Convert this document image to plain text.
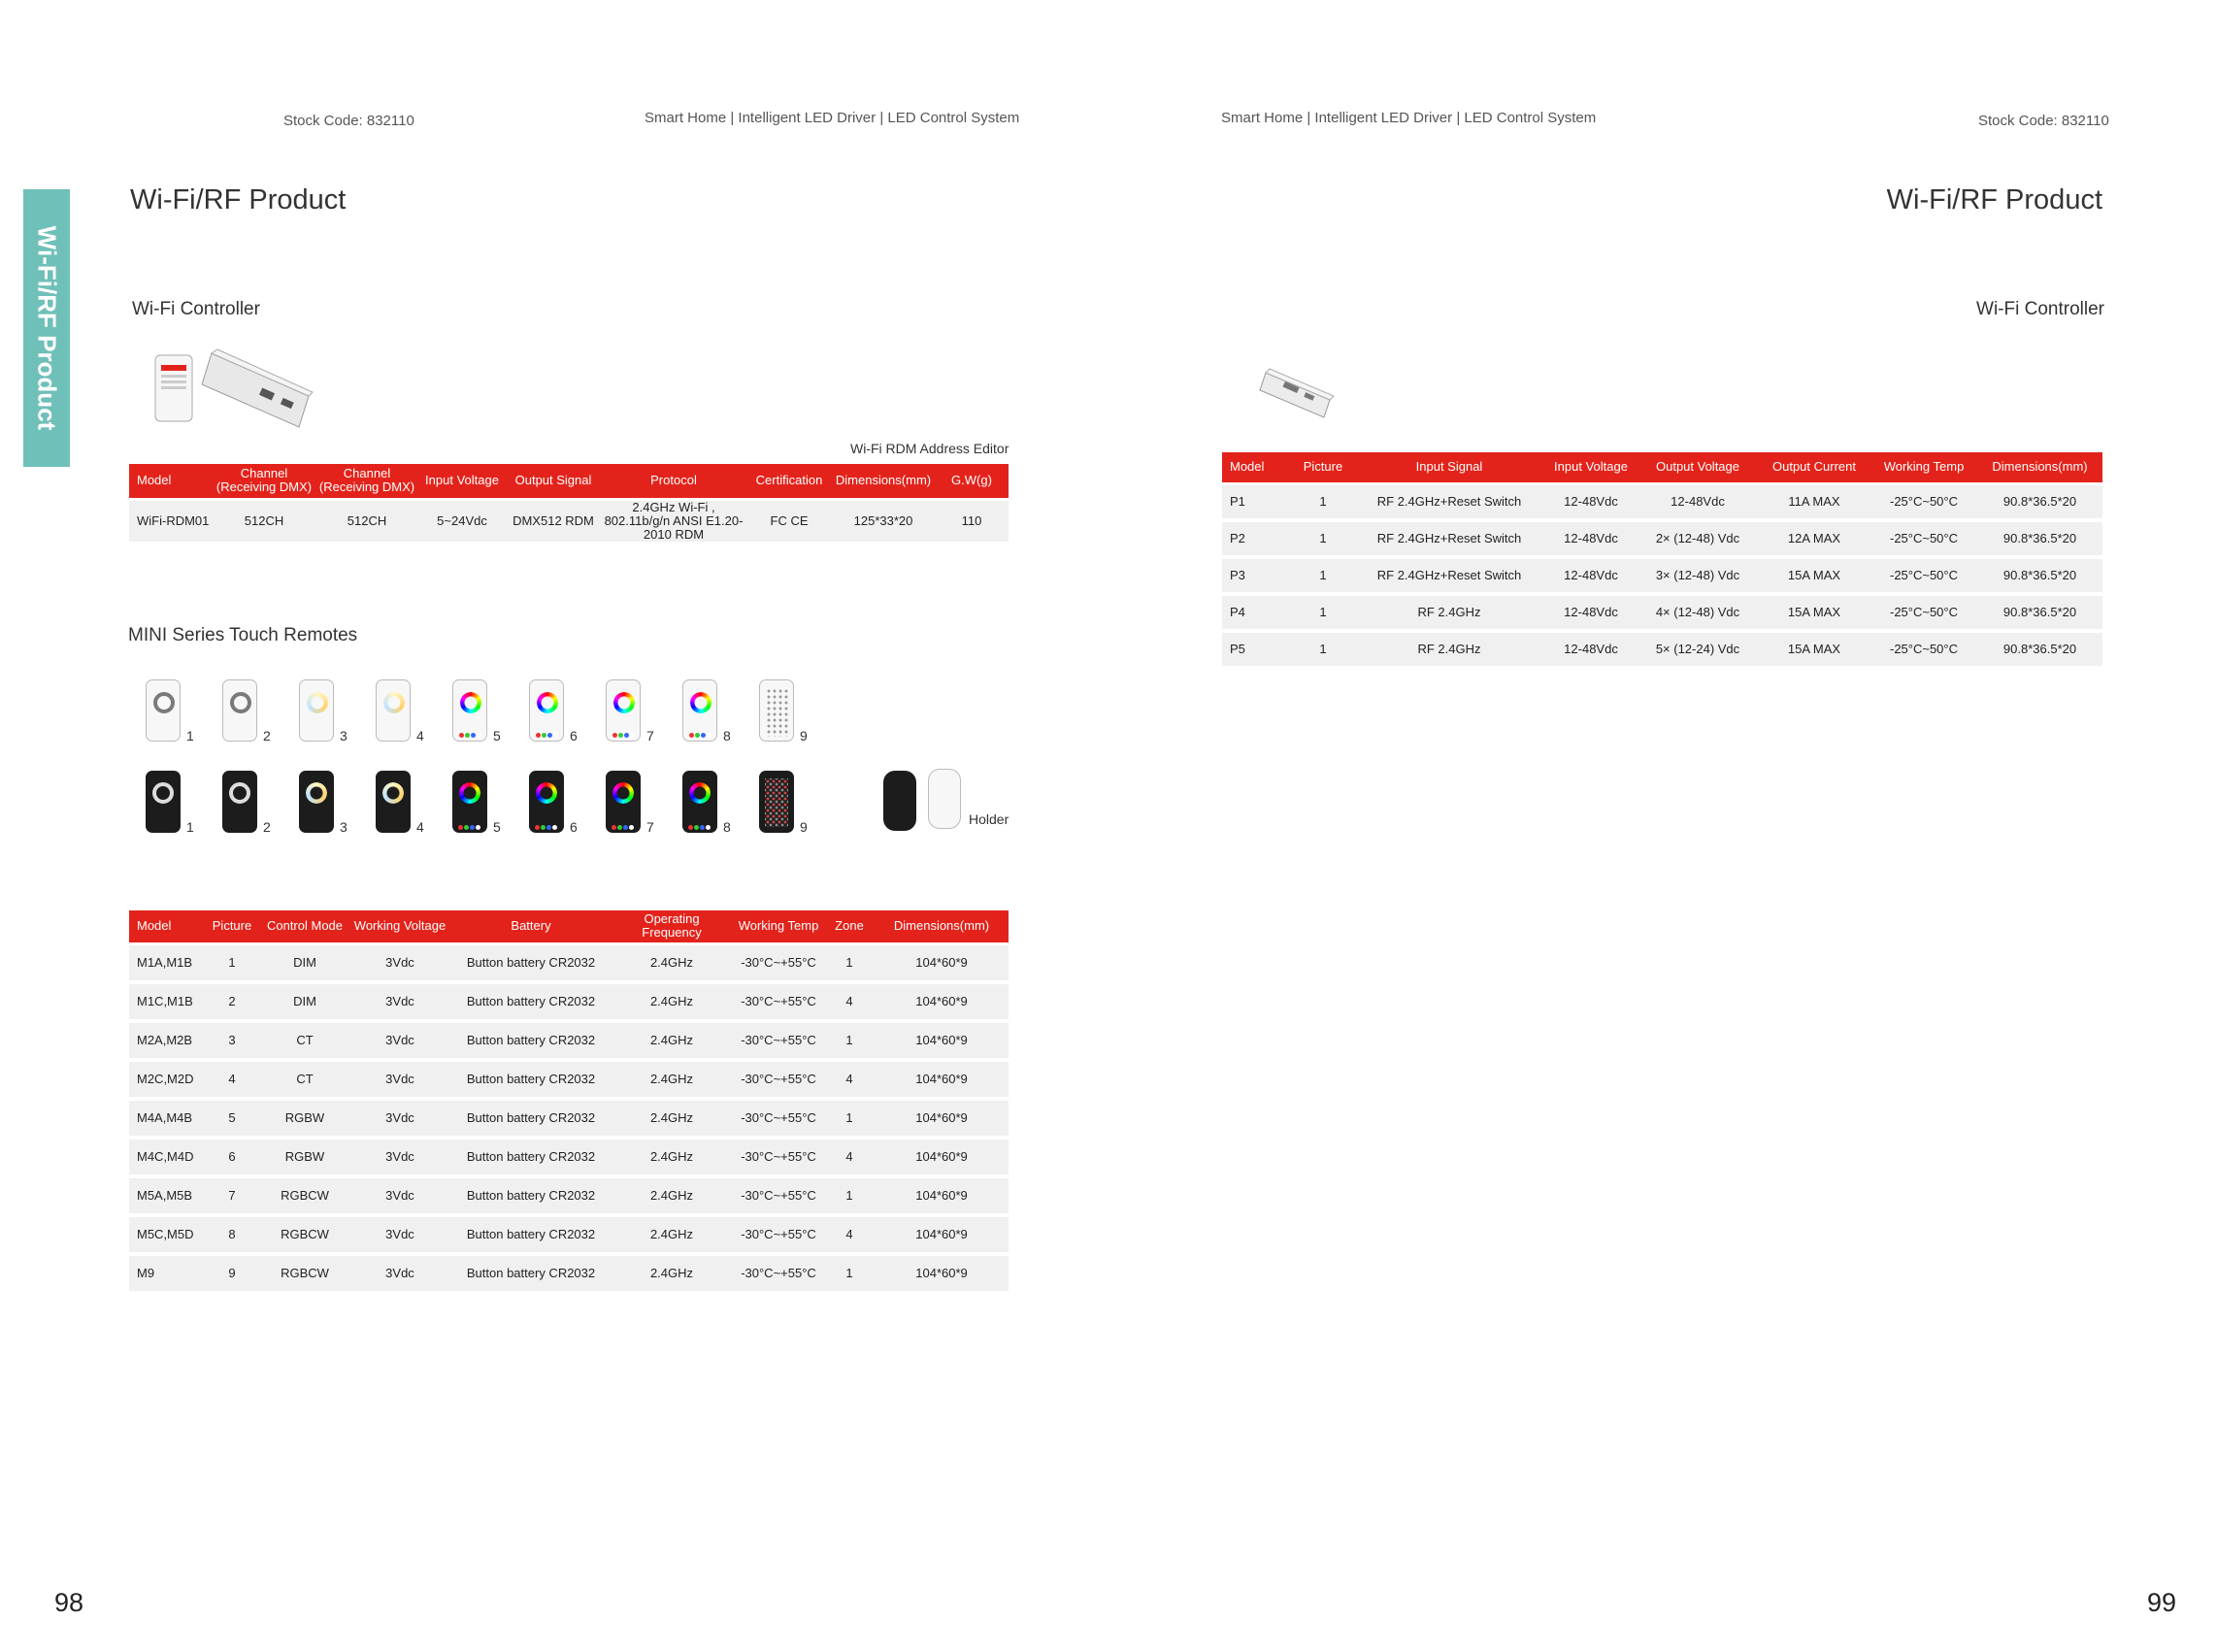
Stock Code: 832110	Smart Home | Intelligent LED Driver | LED Control System
Wi-Fi/RF Product
Wi-Fi/RF Product
Wi-Fi Controller
Wi-Fi RDM Address Editor
Model	Channel (Receiving DMX)	Channel (Receiving DMX)	Input Voltage	Output Signal	Protocol	Certification	Dimensions(mm)	G.W(g)
WiFi-RDM01	512CH	512CH	5~24Vdc	DMX512 RDM	2.4GHz Wi-Fi , 802.11b/g/n ANSI E1.20-2010 RDM	FC CE	125*33*20	110
MINI Series Touch Remotes
1	2	3	4	5	6	7	8	9
1	2	3	4	5	6	7	8	9	Holder
Model	Picture	Control Mode	Working Voltage	Battery	Operating Frequency	Working Temp	Zone	Dimensions(mm)
M1A,M1B	1	DIM	3Vdc	Button battery CR2032	2.4GHz	-30°C~+55°C	1	104*60*9
M1C,M1B	2	DIM	3Vdc	Button battery CR2032	2.4GHz	-30°C~+55°C	4	104*60*9
M2A,M2B	3	CT	3Vdc	Button battery CR2032	2.4GHz	-30°C~+55°C	1	104*60*9
M2C,M2D	4	CT	3Vdc	Button battery CR2032	2.4GHz	-30°C~+55°C	4	104*60*9
M4A,M4B	5	RGBW	3Vdc	Button battery CR2032	2.4GHz	-30°C~+55°C	1	104*60*9
M4C,M4D	6	RGBW	3Vdc	Button battery CR2032	2.4GHz	-30°C~+55°C	4	104*60*9
M5A,M5B	7	RGBCW	3Vdc	Button battery CR2032	2.4GHz	-30°C~+55°C	1	104*60*9
M5C,M5D	8	RGBCW	3Vdc	Button battery CR2032	2.4GHz	-30°C~+55°C	4	104*60*9
M9	9	RGBCW	3Vdc	Button battery CR2032	2.4GHz	-30°C~+55°C	1	104*60*9
98
Smart Home | Intelligent LED Driver | LED Control System	Stock Code: 832110
Wi-Fi/RF Product
Wi-Fi Controller
Model	Picture	Input Signal	Input Voltage	Output Voltage	Output Current	Working Temp	Dimensions(mm)
P1	1	RF 2.4GHz+Reset Switch	12-48Vdc	12-48Vdc	11A MAX	-25°C~50°C	90.8*36.5*20
P2	1	RF 2.4GHz+Reset Switch	12-48Vdc	2× (12-48) Vdc	12A MAX	-25°C~50°C	90.8*36.5*20
P3	1	RF 2.4GHz+Reset Switch	12-48Vdc	3× (12-48) Vdc	15A MAX	-25°C~50°C	90.8*36.5*20
P4	1	RF 2.4GHz	12-48Vdc	4× (12-48) Vdc	15A MAX	-25°C~50°C	90.8*36.5*20
P5	1	RF 2.4GHz	12-48Vdc	5× (12-24) Vdc	15A MAX	-25°C~50°C	90.8*36.5*20
99
